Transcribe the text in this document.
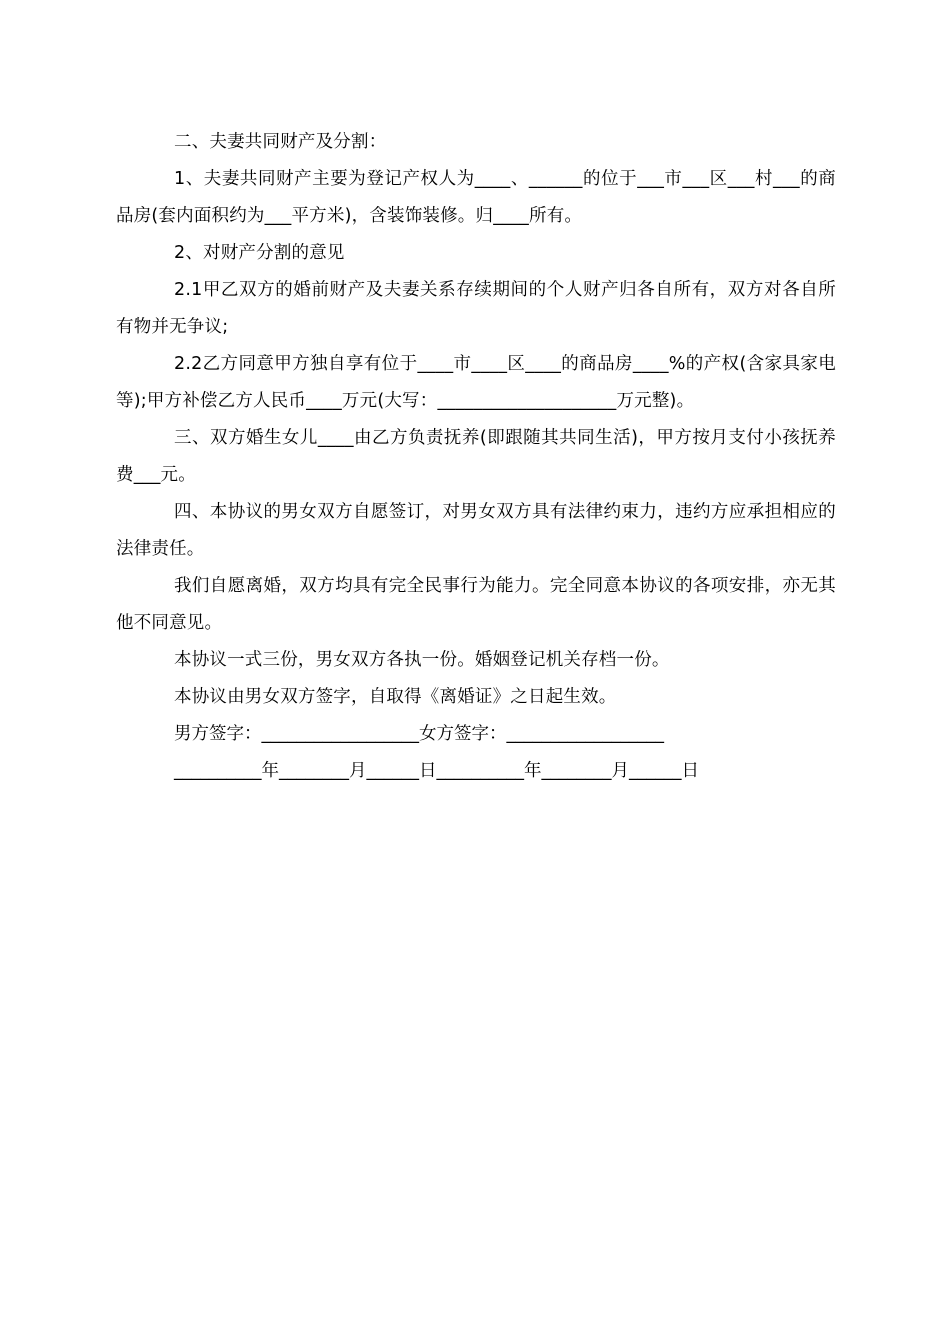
二、夫妻共同财产及分割：

1、夫妻共同财产主要为登记产权人为____、______的位于___市___区___村___的商品房(套内面积约为___平方米)，含装饰装修。归____所有。

2、对财产分割的意见

2.1甲乙双方的婚前财产及夫妻关系存续期间的个人财产归各自所有，双方对各自所有物并无争议;

2.2乙方同意甲方独自享有位于____市____区____的商品房____%的产权(含家具家电等);甲方补偿乙方人民币____万元(大写：____________________万元整)。

三、双方婚生女儿____由乙方负责抚养(即跟随其共同生活)，甲方按月支付小孩抚养费___元。

四、本协议的男女双方自愿签订，对男女双方具有法律约束力，违约方应承担相应的法律责任。

我们自愿离婚，双方均具有完全民事行为能力。完全同意本协议的各项安排，亦无其他不同意见。

本协议一式三份，男女双方各执一份。婚姻登记机关存档一份。

本协议由男女双方签字，自取得《离婚证》之日起生效。

男方签字：__________________女方签字：__________________

__________年________月______日__________年________月______日
